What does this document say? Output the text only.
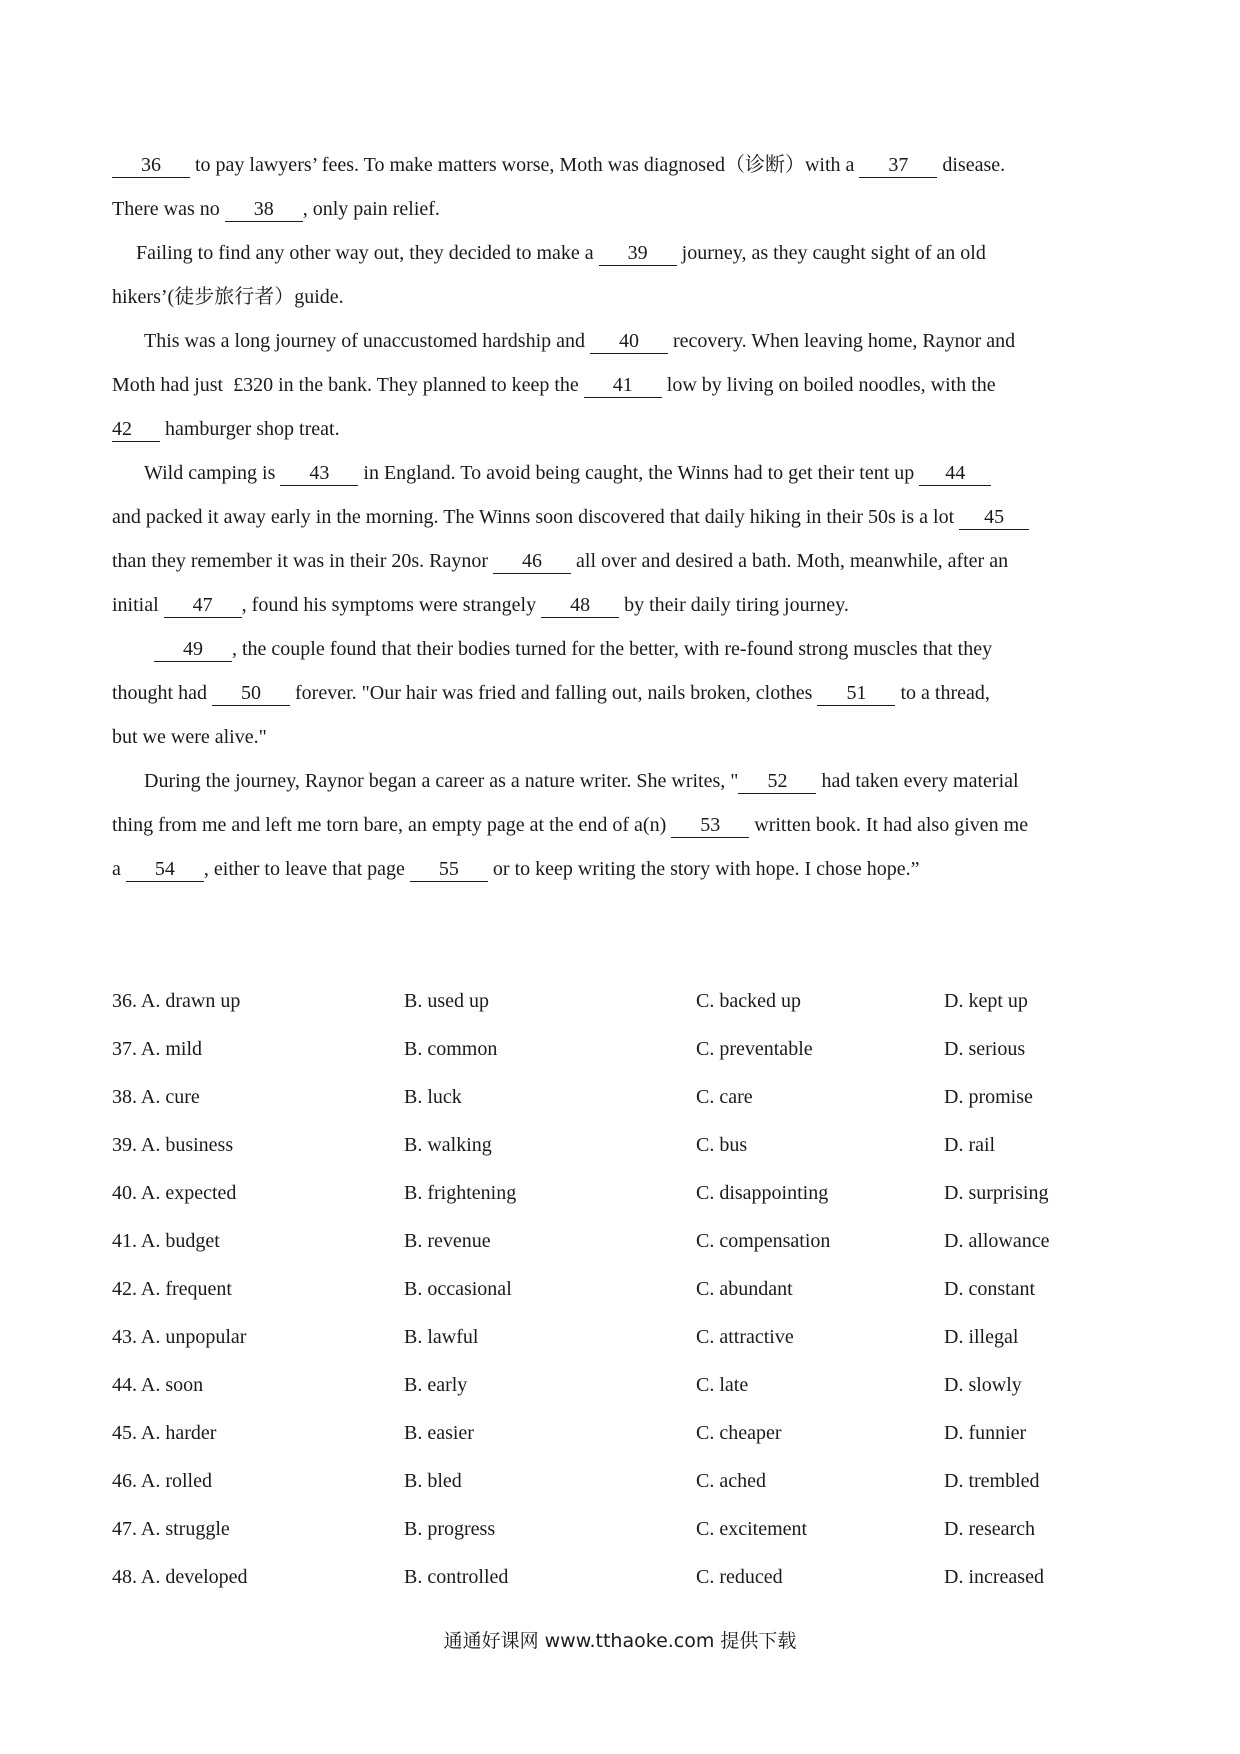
36 to pay lawyers’ fees. To make matters worse, Moth was diagnosed（诊断）with a 37 disease.
There was no 38 , only pain relief.
Failing to find any other way out, they decided to make a 39 journey, as they caught sight of an old
hikers’(徒步旅行者）guide.
This was a long journey of unaccustomed hardship and 40 recovery. When leaving home, Raynor and
Moth had just  £320 in the bank. They planned to keep the 41 low by living on boiled noodles, with the
42 hamburger shop treat.
Wild camping is 43 in England. To avoid being caught, the Winns had to get their tent up 44
and packed it away early in the morning. The Winns soon discovered that daily hiking in their 50s is a lot 45
than they remember it was in their 20s. Raynor 46 all over and desired a bath. Moth, meanwhile, after an
initial 47 , found his symptoms were strangely 48 by their daily tiring journey.
49 , the couple found that their bodies turned for the better, with re-found strong muscles that they
thought had 50 forever. "Our hair was fried and falling out, nails broken, clothes 51 to a thread,
but we were alive."
During the journey, Raynor began a career as a nature writer. She writes, " 52 had taken every material
thing from me and left me torn bare, an empty page at the end of a(n) 53 written book. It had also given me
a 54 , either to leave that page 55 or to keep writing the story with hope. I chose hope.”
36. A. drawn up	B. used up	C. backed up	D. kept up
37. A. mild	B. common	C. preventable	D. serious
38. A. cure	B. luck	C. care	D. promise
39. A. business	B. walking	C. bus	D. rail
40. A. expected	B. frightening	C. disappointing	D. surprising
41. A. budget	B. revenue	C. compensation	D. allowance
42. A. frequent	B. occasional	C. abundant	D. constant
43. A. unpopular	B. lawful	C. attractive	D. illegal
44. A. soon	B. early	C. late	D. slowly
45. A. harder	B. easier	C. cheaper	D. funnier
46. A. rolled	B. bled	C. ached	D. trembled
47. A. struggle	B. progress	C. excitement	D. research
48. A. developed	B. controlled	C. reduced	D. increased
通通好课网 www.tthaoke.com 提供下载
